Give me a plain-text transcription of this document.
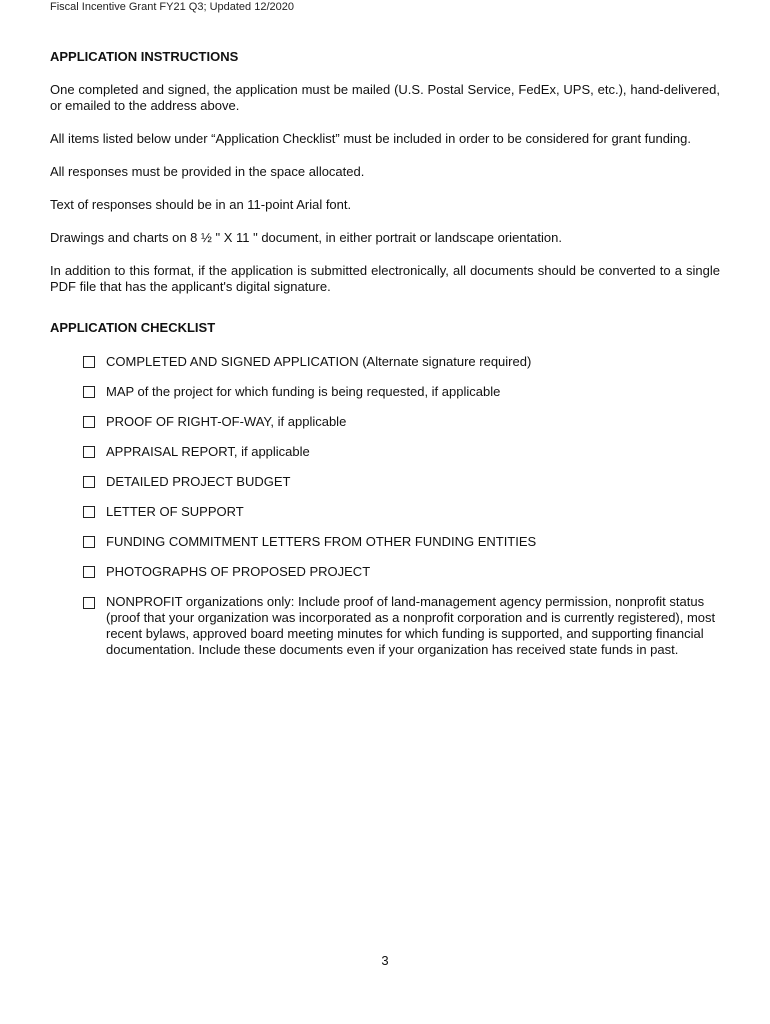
Fiscal Incentive Grant FY21 Q3; Updated 12/2020
APPLICATION INSTRUCTIONS

One completed and signed, the application must be mailed (U.S. Postal Service, FedEx, UPS, etc.), hand-delivered, or emailed to the address above.

All items listed below under “Application Checklist” must be included in order to be considered for grant funding.

All responses must be provided in the space allocated.

Text of responses should be in an 11-point Arial font.

Drawings and charts on 8 ½ " X 11 " document, in either portrait or landscape orientation.

In addition to this format, if the application is submitted electronically, all documents should be converted to a single PDF file that has the applicant's digital signature.

APPLICATION CHECKLIST
COMPLETED AND SIGNED APPLICATION (Alternate signature required)
MAP of the project for which funding is being requested, if applicable
PROOF OF RIGHT-OF-WAY, if applicable
APPRAISAL REPORT, if applicable
DETAILED PROJECT BUDGET
LETTER OF SUPPORT
FUNDING COMMITMENT LETTERS FROM OTHER FUNDING ENTITIES
PHOTOGRAPHS OF PROPOSED PROJECT
NONPROFIT organizations only: Include proof of land-management agency permission, nonprofit status (proof that your organization was incorporated as a nonprofit corporation and is currently registered), most recent bylaws, approved board meeting minutes for which funding is supported, and supporting financial documentation. Include these documents even if your organization has received state funds in past.
3
